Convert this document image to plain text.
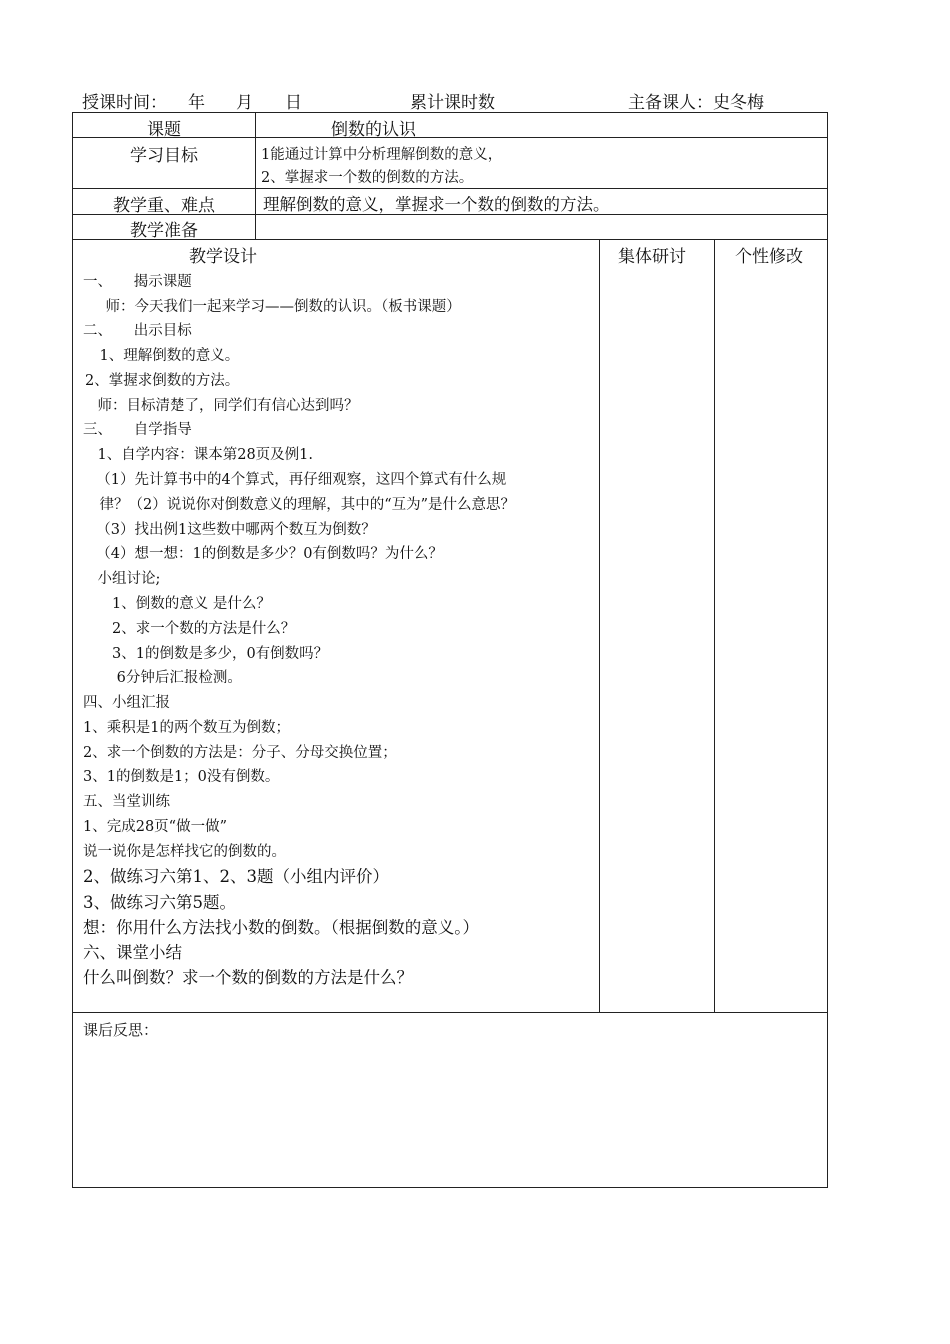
授课时间： 年 月 日	累计课时数	主备课人：史冬梅
课题	倒数的认识
学习目标	1能通过计算中分析理解倒数的意义，
2、掌握求一个数的倒数的方法。
教学重、难点	理解倒数的意义，掌握求一个数的倒数的方法。
教学准备
教学设计	集体研讨	个性修改
一、　　揭示课题
　师：今天我们一起来学习——倒数的认识。（板书课题）
二、　　出示目标
　1、理解倒数的意义。
2、掌握求倒数的方法。
　师：目标清楚了，同学们有信心达到吗？
三、　　自学指导
　1、自学内容：课本第28页及例1.
　（1）先计算书中的4个算式，再仔细观察，这四个算式有什么规
　律？（2）说说你对倒数意义的理解，其中的“互为”是什么意思？
　（3）找出例1这些数中哪两个数互为倒数？
　（4）想一想：1的倒数是多少？0有倒数吗？为什么？
　小组讨论;
　　1、倒数的意义 是什么？
　　2、求一个数的方法是什么？
　　3、1的倒数是多少，0有倒数吗？
　　 6分钟后汇报检测。
四、小组汇报
1、乘积是1的两个数互为倒数；
2、求一个倒数的方法是：分子、分母交换位置；
3、1的倒数是1；0没有倒数。
五、当堂训练
1、完成28页“做一做”
说一说你是怎样找它的倒数的。
2、做练习六第1、2、3题（小组内评价）
3、做练习六第5题。
想：你用什么方法找小数的倒数。（根据倒数的意义。）
六、课堂小结
什么叫倒数？求一个数的倒数的方法是什么？
课后反思：
